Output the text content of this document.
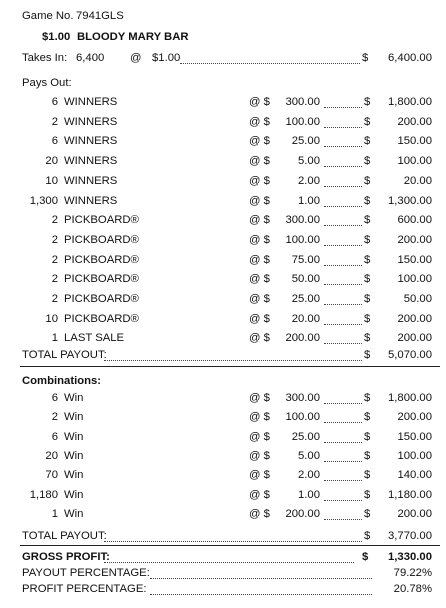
Game No. 7941GLS
$1.00 BLOODY MARY BAR
Takes In: 6,400 @ $1.00	$ 6,400.00
Pays Out:
6 WINNERS	@ $ 300.00	$ 1,800.00
2 WINNERS	@ $ 100.00	$ 200.00
6 WINNERS	@ $ 25.00	$ 150.00
20 WINNERS	@ $ 5.00	$ 100.00
10 WINNERS	@ $ 2.00	$	20.00
1,300 WINNERS	@ $ 1.00	$ 1,300.00
2 PICKBOARD®	@ $ 300.00	$ 600.00
2 PICKBOARD®	@ $ 100.00	$ 200.00
2 PICKBOARD®	@ $ 75.00	$ 150.00
2 PICKBOARD®	@ $ 50.00	$ 100.00
2 PICKBOARD®	@ $ 25.00	$	50.00
10 PICKBOARD®	@ $ 20.00	$ 200.00
1 LAST SALE	@ $ 200.00	$ 200.00
TOTAL PAYOUT:	$ 5,070.00
Combinations:
6 Win	@ $ 300.00	$ 1,800.00
2 Win	@ $ 100.00	$ 200.00
6 Win	@ $ 25.00	$ 150.00
20 Win	@ $ 5.00	$ 100.00
70 Win	@ $ 2.00	$ 140.00
1,180 Win	@ $ 1.00	$ 1,180.00
1 Win	@ $ 200.00	$ 200.00
TOTAL PAYOUT:	$ 3,770.00
GROSS PROFIT:	$ 1,330.00
PAYOUT PERCENTAGE:	79.22%
PROFIT PERCENTAGE:	20.78%
